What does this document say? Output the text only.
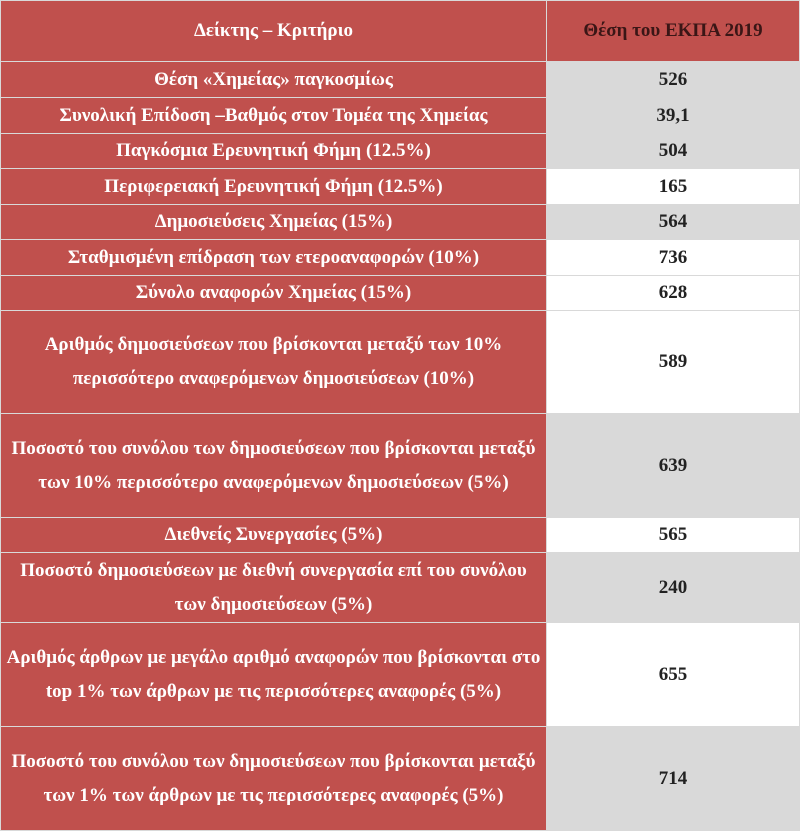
Δείκτης – Κριτήριο	Θέση του ΕΚΠΑ 2019
Θέση «Χημείας» παγκοσμίως	526
Συνολική Επίδοση –Βαθμός στον Τομέα της Χημείας	39,1
Παγκόσμια Ερευνητική Φήμη (12.5%)	504
Περιφερειακή Ερευνητική Φήμη (12.5%)	165
Δημοσιεύσεις Χημείας (15%)	564
Σταθμισμένη επίδραση των ετεροαναφορών (10%)	736
Σύνολο αναφορών Χημείας (15%)	628
Αριθμός δημοσιεύσεων που βρίσκονται μεταξύ των 10% περισσότερο αναφερόμενων δημοσιεύσεων (10%)	589
Ποσοστό του συνόλου των δημοσιεύσεων που βρίσκονται μεταξύ των 10% περισσότερο αναφερόμενων δημοσιεύσεων (5%)	639
Διεθνείς Συνεργασίες (5%)	565
Ποσοστό δημοσιεύσεων με διεθνή συνεργασία επί του συνόλου των δημοσιεύσεων (5%)	240
Αριθμός άρθρων με μεγάλο αριθμό αναφορών που βρίσκονται στο top 1% των άρθρων με τις περισσότερες αναφορές (5%)	655
Ποσοστό του συνόλου των δημοσιεύσεων που βρίσκονται μεταξύ των 1% των άρθρων με τις περισσότερες αναφορές (5%)	714
